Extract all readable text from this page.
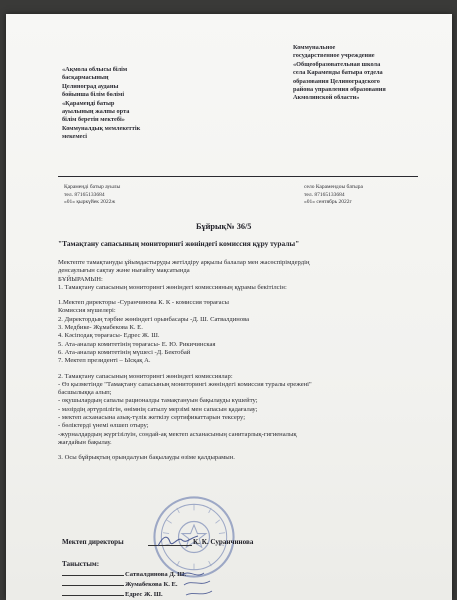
«Ақмола облысы білім
басқармасының
Целиноград ауданы
бойынша білім бөлімі
«Қарамеңді батыр
ауылының жалпы орта
білім беретін мектебі»
Коммуналдық мемлекеттік
мекемесі
Коммунальное
государственное учреждение
«Общеобразовательная школа
села Караменды батыра отдела
образования Целиноградского
района управления образования
Акмолинской области»
Қарамеңді батыр ауылы
тел. 87165133684
«01» қыркүйек 2022ж
село Карамендоы батыра
тел. 87165133684
«01» сентябрь 2022г
Бұйрық№ 36/5
"Тамақтану сапасының мониторингі жөніндегі комиссия құру туралы"
Мектепте тамақтануды ұйымдастыруды жетілдіру арқылы балалар мен жасөспірімдердің
денсаулығын сақтау және нығайту мақсатында
БҰЙЫРАМЫН:
1. Тамақтану сапасының мониторингі жөніндегі комиссияның құрамы бекітілсін:
1.Мектеп директоры -Суранчинова К. К - комиссия төрағасы
Комиссия мүшелері:
2. Директордың тәрбие жөніндегі орынбасары -Д. Ш. Сатвалдинова
3. Медбике- Жұмабекова К. Е.
4. Кәсіподақ төрағасы- Едрес Ж. Ш.
5. Ата-аналар комитетінің төрағасы- Е. Ю. Рикичинская
6. Ата-аналар комитетінің мүшесі -Д. Бектобай
7. Мектеп президенті – Ысқақ А.
2. Тамақтану сапасының мониторингі жөніндегі комиссиялар:
- Өз қызметінде "Тамақтану сапасының мониторингі жөніндегі комиссия туралы ережені"
басшылыққа алып;
- оқушылардың сапалы рационалды тамақтануын бақылауды күшейту;
- мәзірдің әртүрлілігін, өнімнің сатылу мерзімі мен сапасын қадағалау;
- мектеп асханасына азық-түлік жеткізу сертификаттарын тексеру;
- бөліктерді үнемі өлшеп отыру;
-журналдардың жүргізілуін, сондай-ақ мектеп асханасының санитарлық-гигиеналық
жағдайын бақылау.
3. Осы бұйрықтың орындалуын бақылауды өзіме қалдырамын.
Мектеп директоры	К. К. Суранчинова
Таныстым:
Сатвалдинова Д. Ш.
Жумабекова К. Е.
Едрес Ж. Ш.
